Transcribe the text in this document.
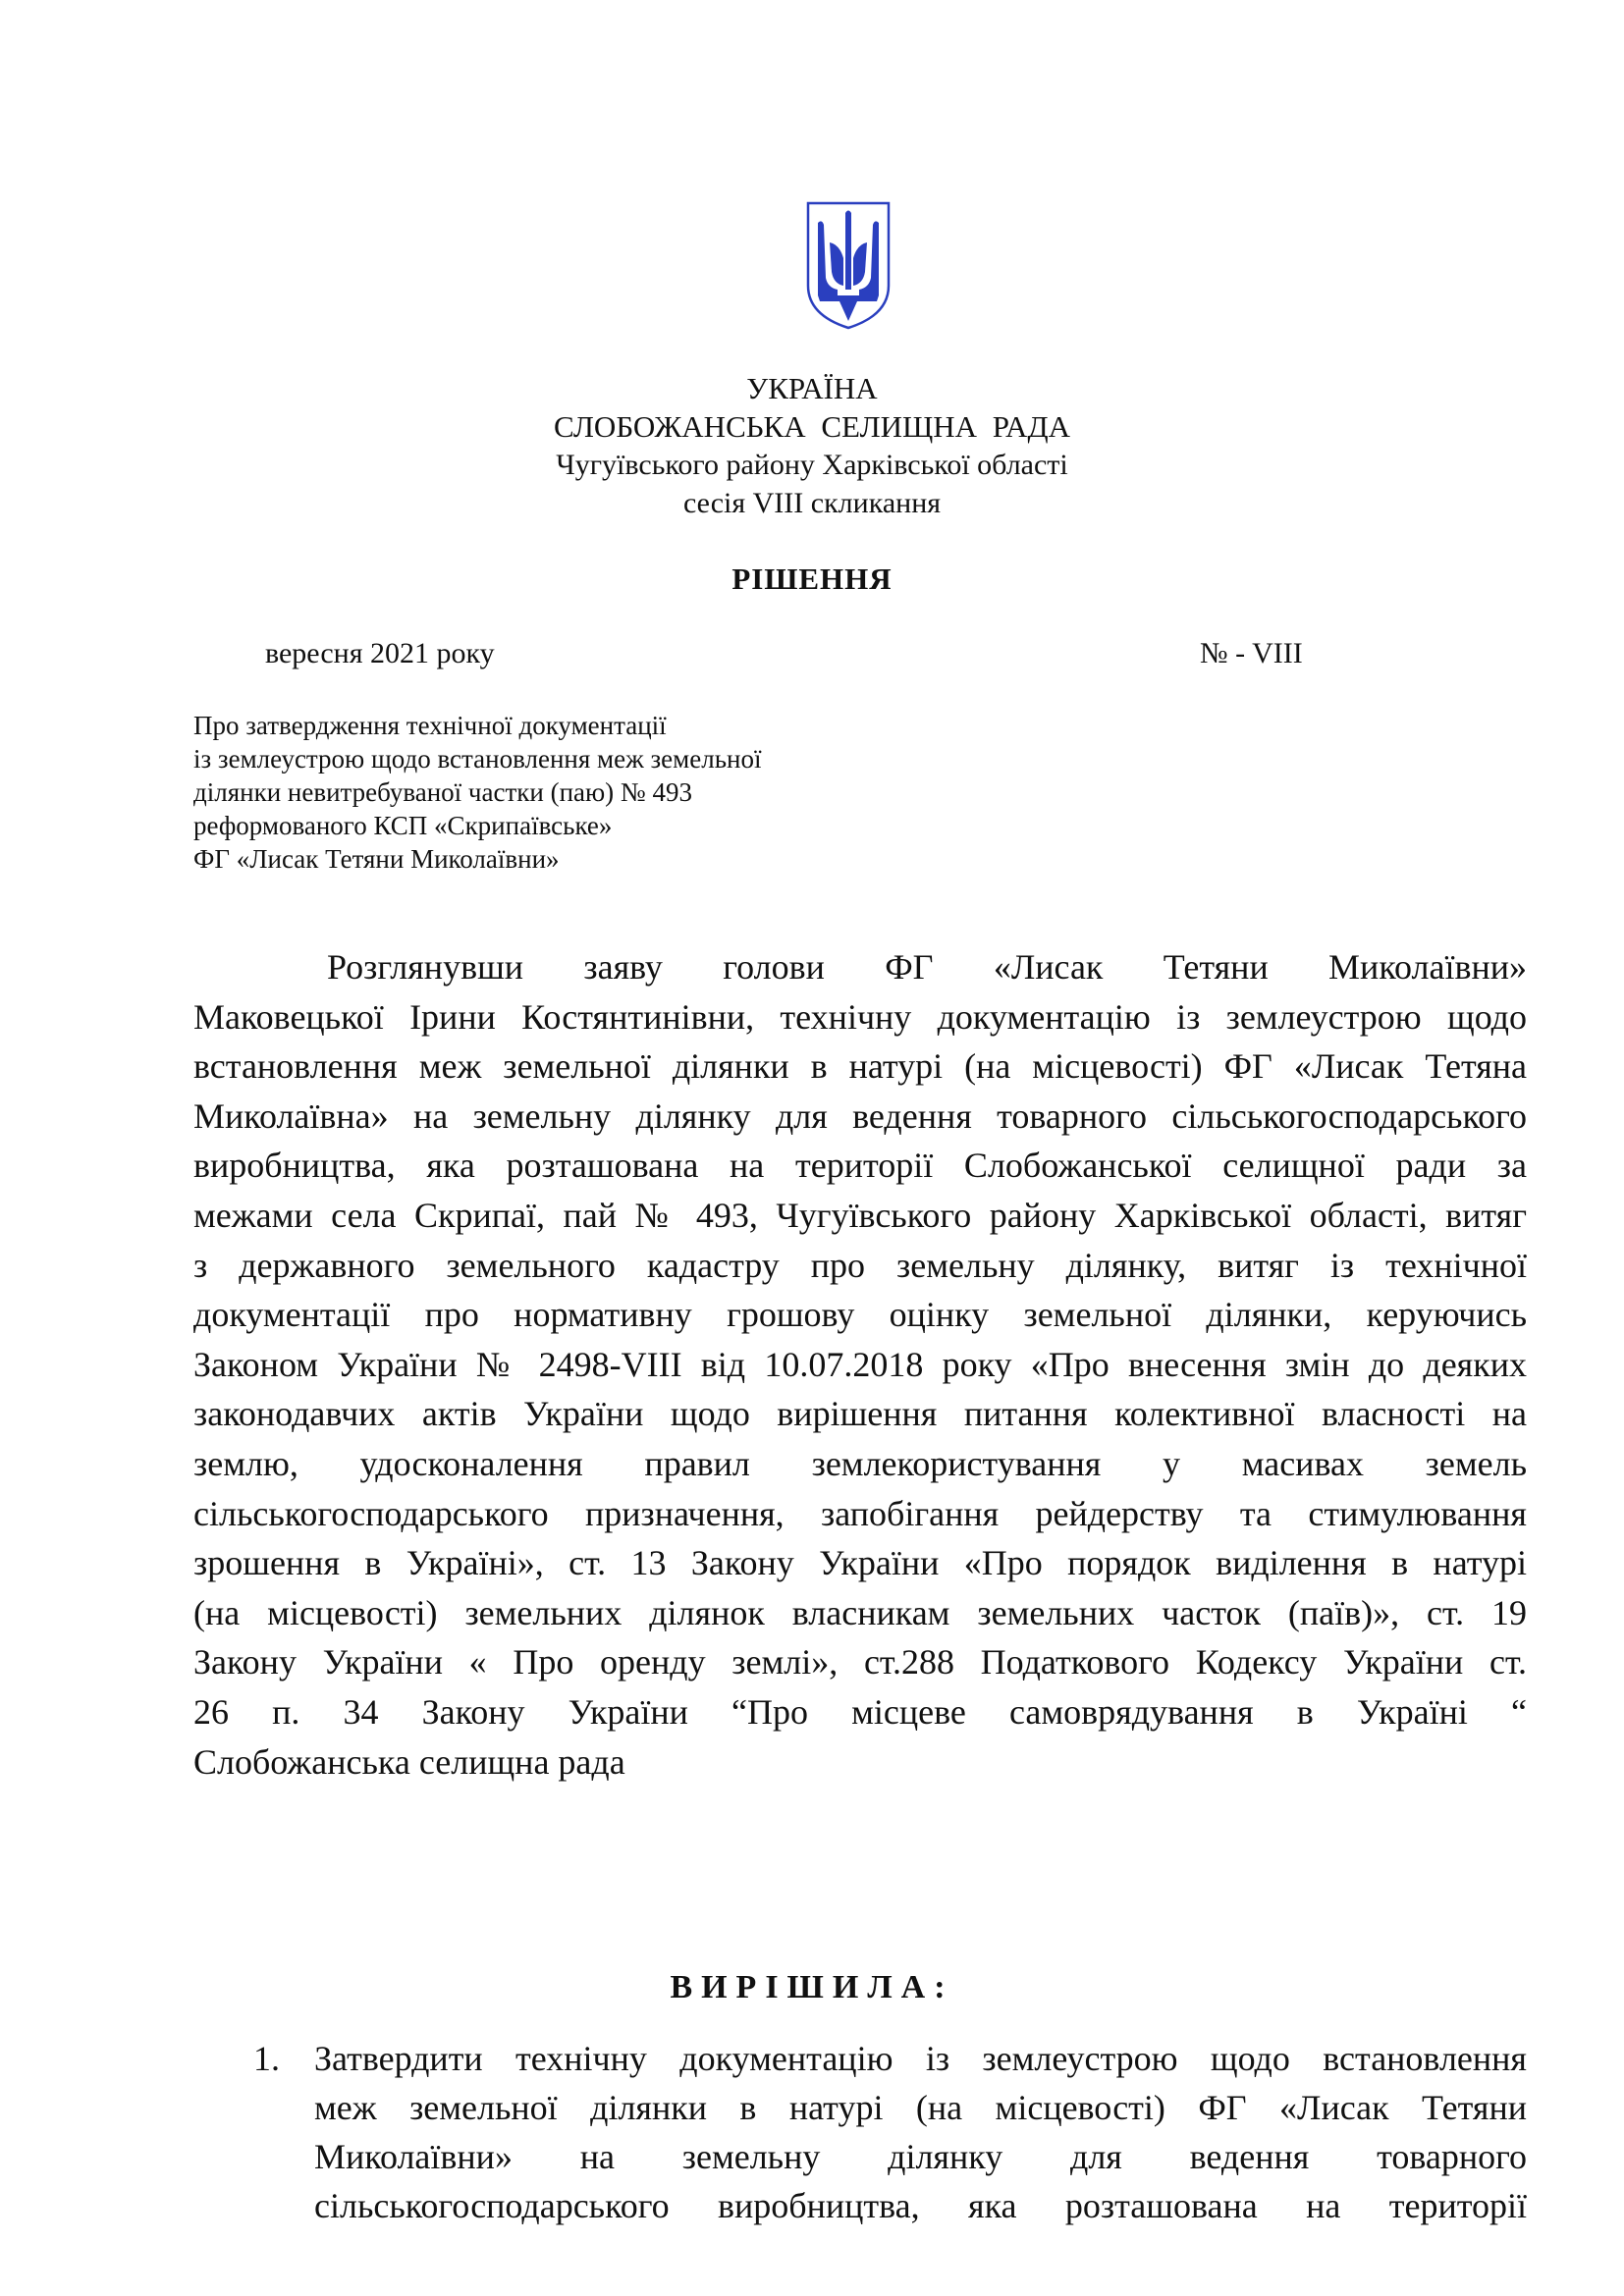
УКРАЇНА
СЛОБОЖАНСЬКА СЕЛИЩНА РАДА
Чугуївського району Харківської області
сесія VIII скликання
РІШЕННЯ
вересня 2021 року	№ - VIII
Про затвердження технічної документації
із землеустрою щодо встановлення меж земельної
ділянки невитребуваної частки (паю) № 493
реформованого КСП «Скрипаївське»
ФГ «Лисак Тетяни Миколаївни»
Розглянувши заяву голови ФГ «Лисак Тетяни Миколаївни»
Маковецької Ірини Костянтинівни, технічну документацію із землеустрою щодо
встановлення меж земельної ділянки в натурі (на місцевості) ФГ «Лисак Тетяна
Миколаївна» на земельну ділянку для ведення товарного сільськогосподарського
виробництва, яка розташована на території Слобожанської селищної ради за
межами села Скрипаї, пай № 493, Чугуївського району Харківської області, витяг
з державного земельного кадастру про земельну ділянку, витяг із технічної
документації про нормативну грошову оцінку земельної ділянки, керуючись
Законом України № 2498-VIII від 10.07.2018 року «Про внесення змін до деяких
законодавчих актів України щодо вирішення питання колективної власності на
землю, удосконалення правил землекористування у масивах земель
сільськогосподарського призначення, запобігання рейдерству та стимулювання
зрошення в Україні», ст. 13 Закону України «Про порядок виділення в натурі
(на місцевості) земельних ділянок власникам земельних часток (паїв)», ст. 19
Закону України « Про оренду землі», ст.288 Податкового Кодексу України ст.
26 п. 34 Закону України “Про місцеве самоврядування в Україні “
Слобожанська селищна рада
ВИРІШИЛА:
1. Затвердити технічну документацію із землеустрою щодо встановлення
меж земельної ділянки в натурі (на місцевості) ФГ «Лисак Тетяни
Миколаївни» на земельну ділянку для ведення товарного
сільськогосподарського виробництва, яка розташована на території
